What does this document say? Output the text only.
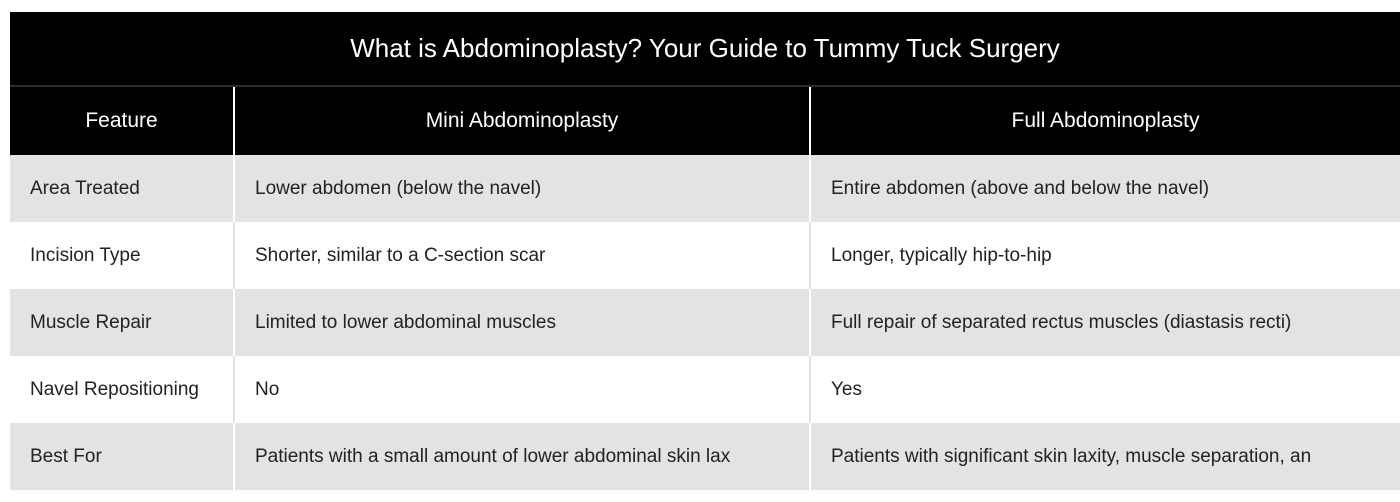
What is Abdominoplasty? Your Guide to Tummy Tuck Surgery
Feature	Mini Abdominoplasty	Full Abdominoplasty
Area Treated	Lower abdomen (below the navel)	Entire abdomen (above and below the navel)
Incision Type	Shorter, similar to a C-section scar	Longer, typically hip-to-hip
Muscle Repair	Limited to lower abdominal muscles	Full repair of separated rectus muscles (diastasis recti)
Navel Repositioning	No	Yes
Best For	Patients with a small amount of lower abdominal skin lax	Patients with significant skin laxity, muscle separation, an
